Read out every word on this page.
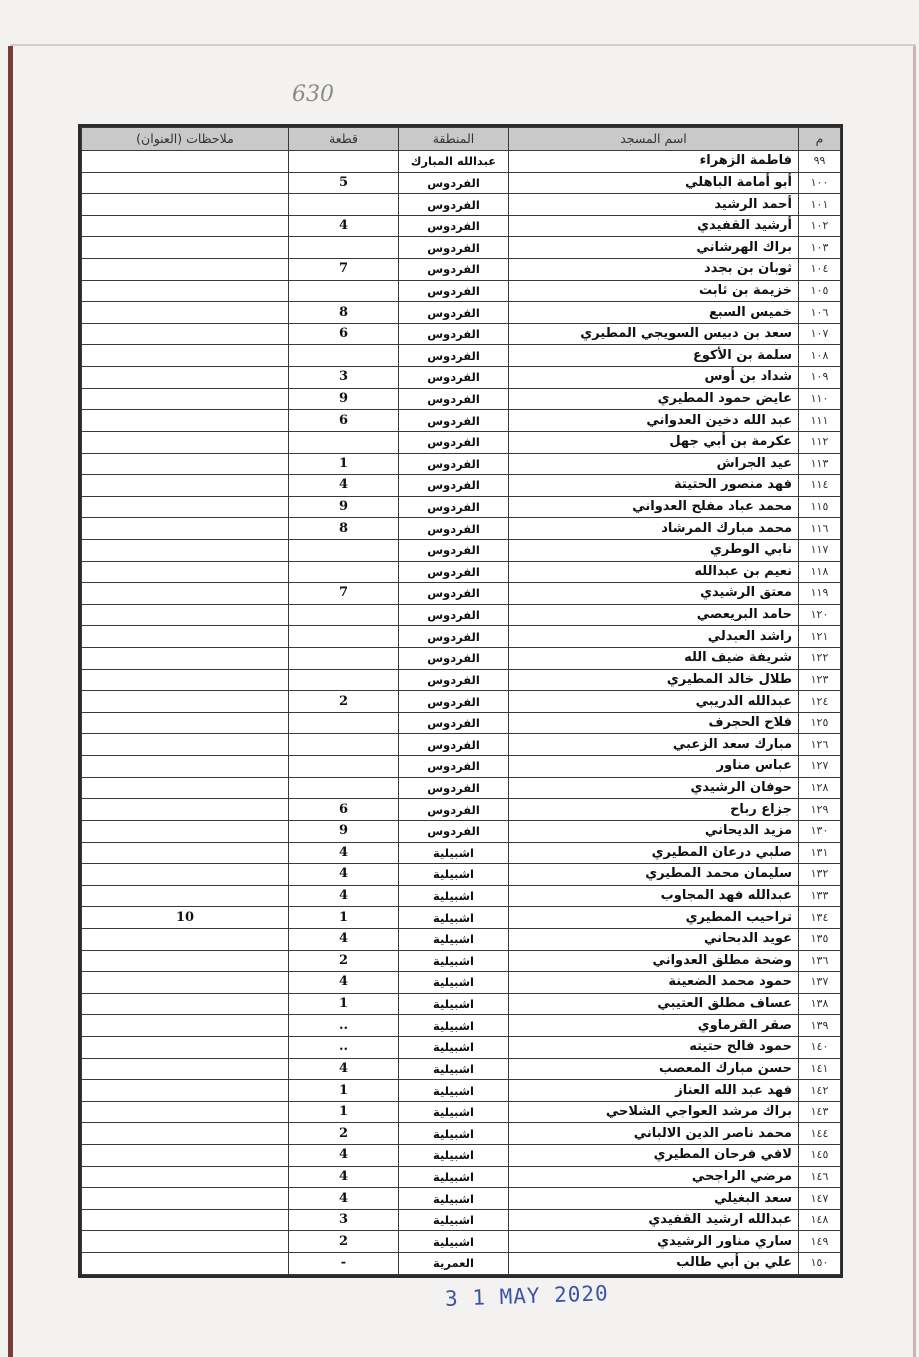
630
م	اسم المسجد	المنطقة	قطعة	ملاحظات (العنوان)
٩٩	فاطمة الزهراء	عبدالله المبارك		
١٠٠	أبو أمامة الباهلي	الفردوس	5	
١٠١	أحمد الرشيد	الفردوس		
١٠٢	أرشيد القفيدي	الفردوس	4	
١٠٣	براك الهرشاني	الفردوس		
١٠٤	ثوبان بن بجدد	الفردوس	7	
١٠٥	خزيمة بن ثابت	الفردوس		
١٠٦	خميس السبع	الفردوس	8	
١٠٧	سعد بن دبيس السويجي المطيري	الفردوس	6	
١٠٨	سلمة بن الأكوع	الفردوس		
١٠٩	شداد بن أوس	الفردوس	3	
١١٠	عايض حمود المطيري	الفردوس	9	
١١١	عبد الله دخين العدواني	الفردوس	6	
١١٢	عكرمة بن أبي جهل	الفردوس		
١١٣	عيد الجراش	الفردوس	1	
١١٤	فهد منصور الحتيتة	الفردوس	4	
١١٥	محمد عباد مفلح العدواني	الفردوس	9	
١١٦	محمد مبارك المرشاد	الفردوس	8	
١١٧	نابي الوطري	الفردوس		
١١٨	نعيم بن عبدالله	الفردوس		
١١٩	معتق الرشيدي	الفردوس	7	
١٢٠	حامد البريعصي	الفردوس		
١٢١	راشد العبدلي	الفردوس		
١٢٢	شريفة ضيف الله	الفردوس		
١٢٣	طلال خالد المطيري	الفردوس		
١٢٤	عبدالله الدريبي	الفردوس	2	
١٢٥	فلاح الحجرف	الفردوس		
١٢٦	مبارك سعد الزعبي	الفردوس		
١٢٧	عباس مناور	الفردوس		
١٢٨	حوفان الرشيدي	الفردوس		
١٢٩	جزاع رباح	الفردوس	6	
١٣٠	مزيد الديحاني	الفردوس	9	
١٣١	صلبي درعان المطيري	اشبيلية	4	
١٣٢	سليمان محمد المطيري	اشبيلية	4	
١٣٣	عبدالله فهد المجاوب	اشبيلية	4	
١٣٤	تراحيب المطيري	اشبيلية	1	10
١٣٥	عويد الدبحاني	اشبيلية	4	
١٣٦	وضحة مطلق العدواني	اشبيلية	2	
١٣٧	حمود محمد الضعينة	اشبيلية	4	
١٣٨	عساف مطلق العتيبي	اشبيلية	1	
١٣٩	صقر القرماوي	اشبيلية	..	
١٤٠	حمود فالح حتيته	اشبيلية	..	
١٤١	حسن مبارك المعصب	اشبيلية	4	
١٤٢	فهد عبد الله العناز	اشبيلية	1	
١٤٣	براك مرشد العواجي الشلاحي	اشبيلية	1	
١٤٤	محمد ناصر الدين الالباني	اشبيلية	2	
١٤٥	لافي فرحان المطيري	اشبيلية	4	
١٤٦	مرضي الراجحي	اشبيلية	4	
١٤٧	سعد البغيلي	اشبيلية	4	
١٤٨	عبدالله ارشيد القفيدي	اشبيلية	3	
١٤٩	ساري مناور الرشيدي	اشبيلية	2	
١٥٠	علي بن أبي طالب	العمرية	-	
3 1 MAY 2020
